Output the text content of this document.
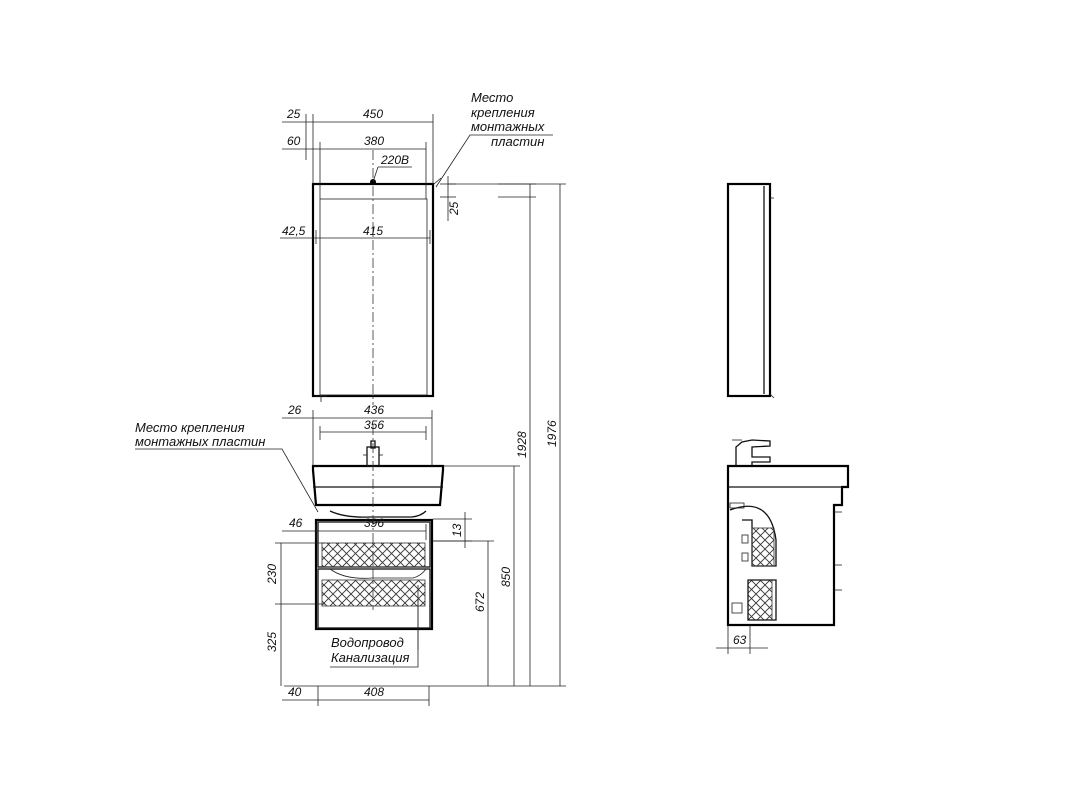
25	450
60	380
220В
42,5	415
25
Место
крепления
монтажных
пластин
26	436
356
46	396
13
230
325
40	408
672
850
1928 1976
Место крепления
монтажных пластин
Водопровод
Канализация
63
